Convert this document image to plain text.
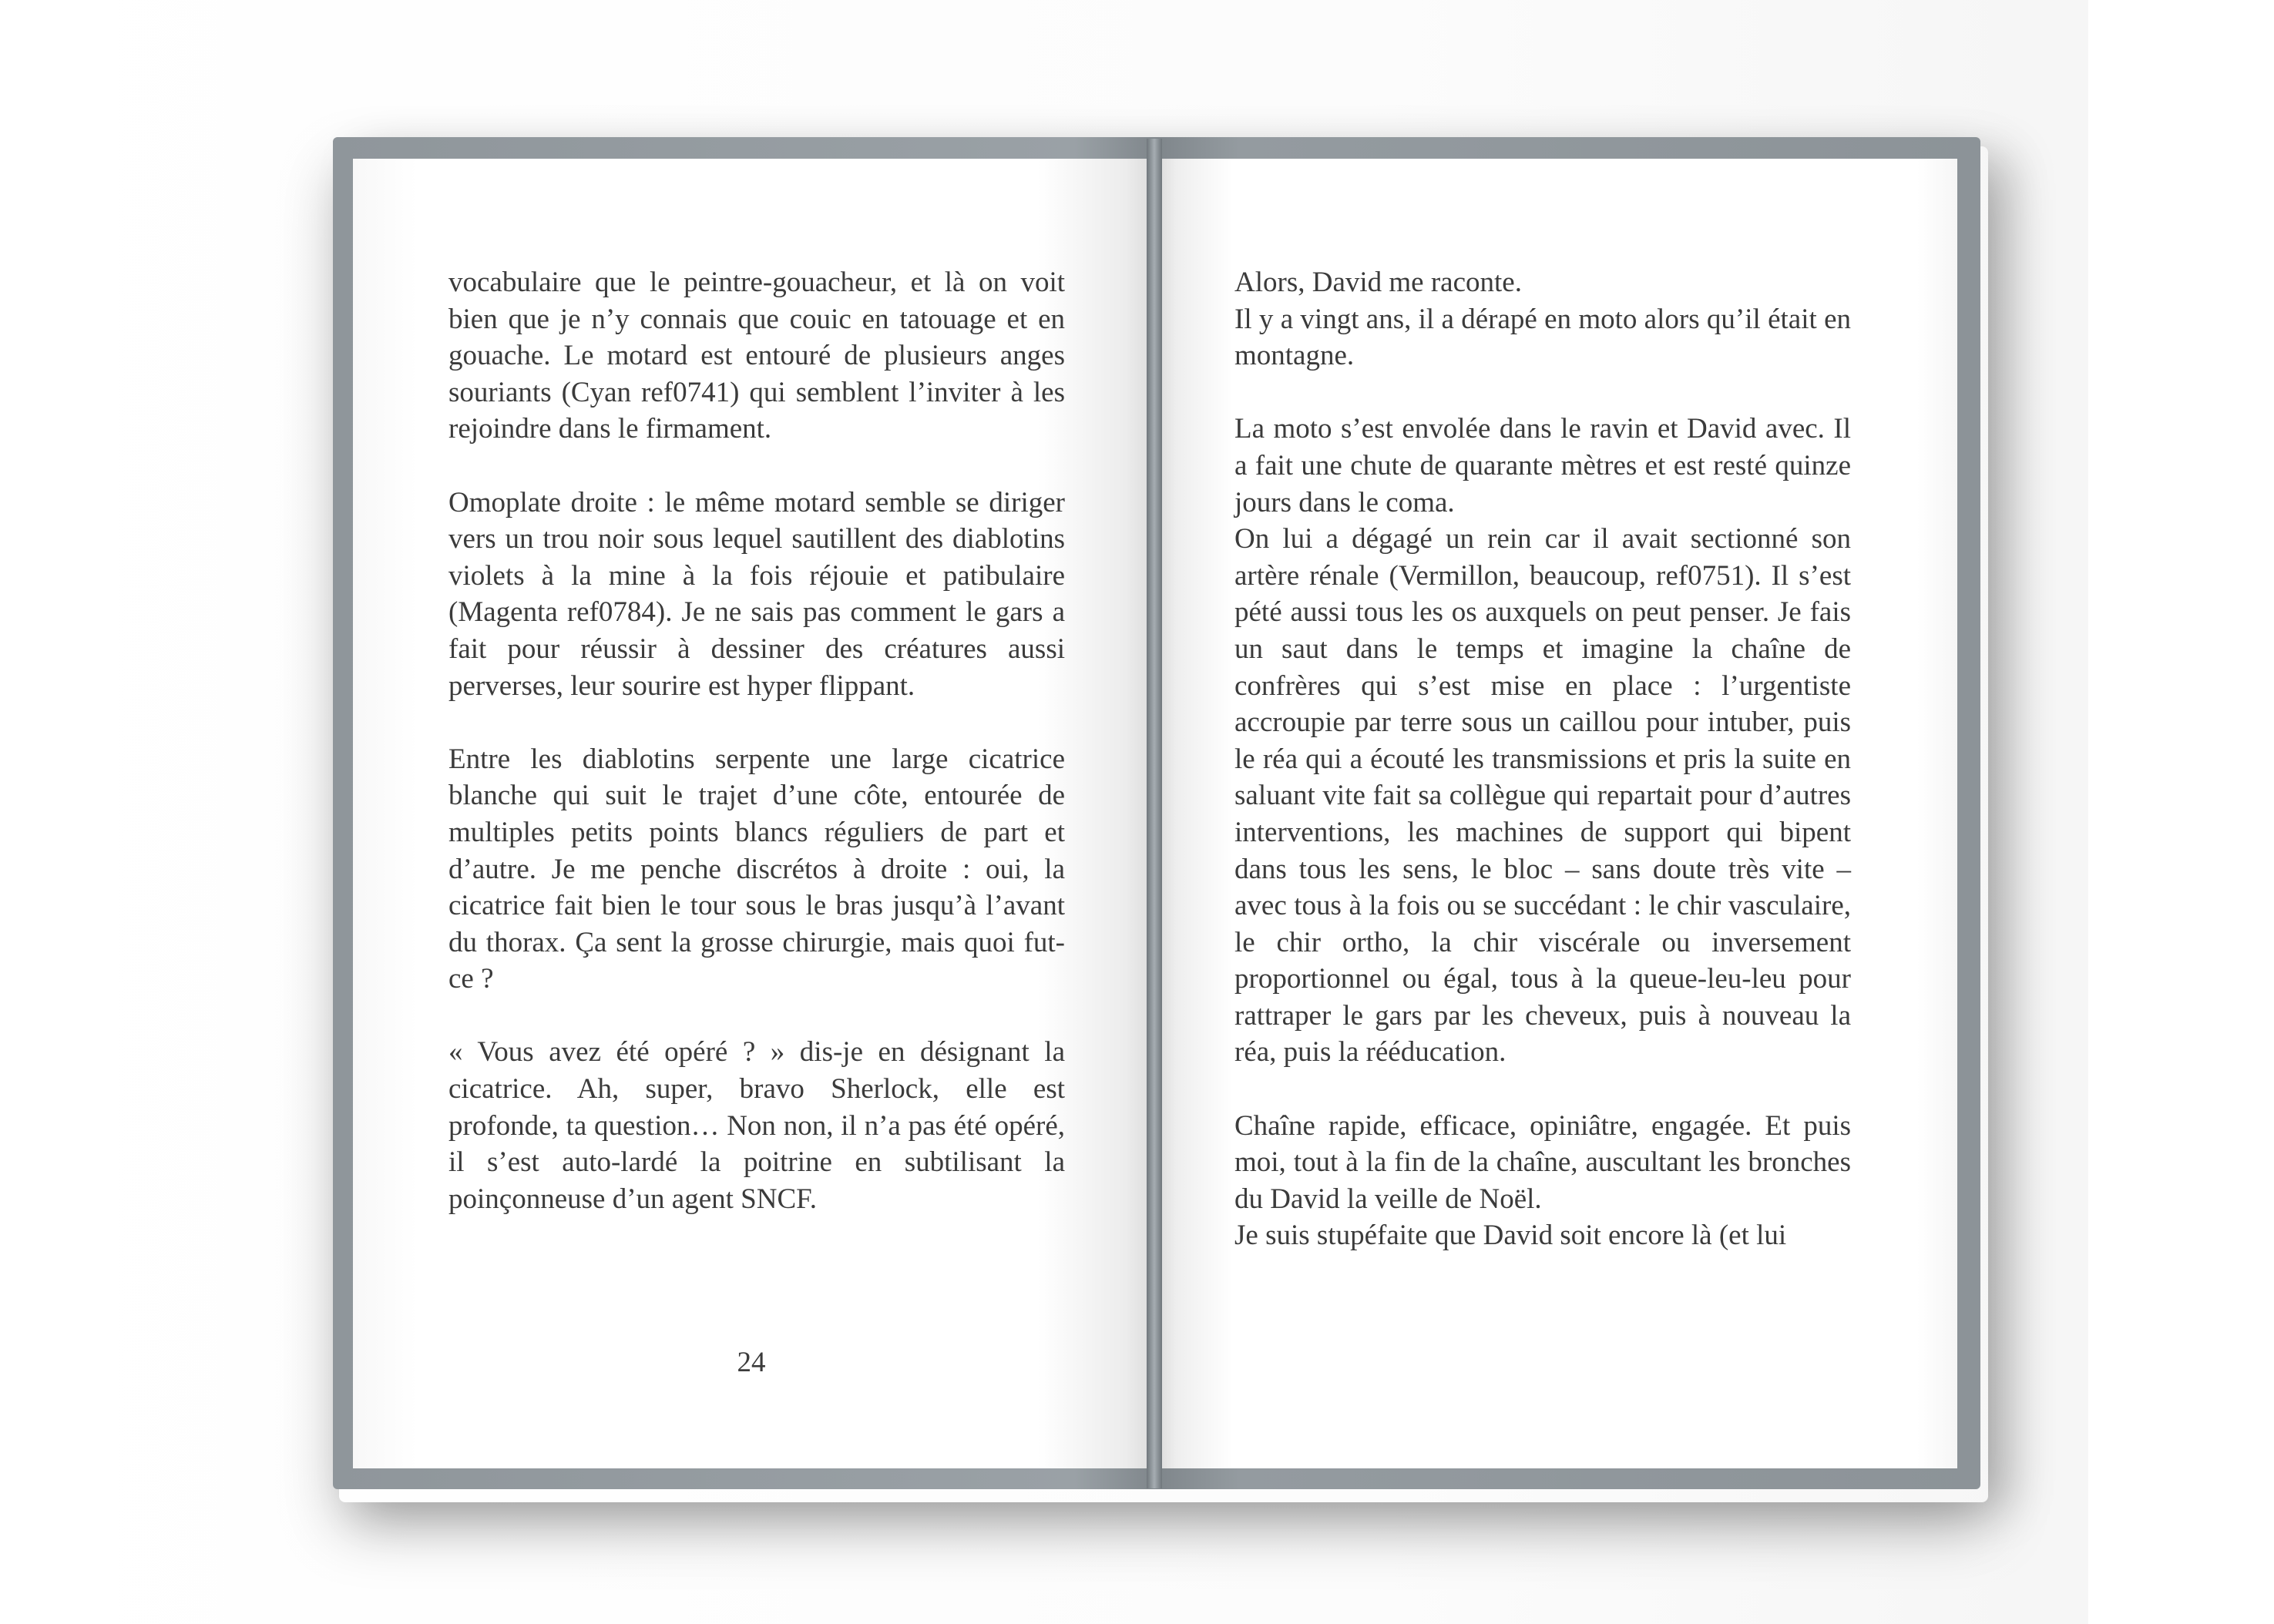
vocabulaire que le peintre-gouacheur, et là on voit bien que je n’y connais que couic en tatouage et en gouache. Le motard est entouré de plusieurs anges souriants (Cyan ref0741) qui semblent l’inviter à les rejoindre dans le firmament.

Omoplate droite : le même motard semble se diriger vers un trou noir sous lequel sautillent des diablotins violets à la mine à la fois réjouie et patibulaire (Magenta ref0784). Je ne sais pas comment le gars a fait pour réussir à dessiner des créatures aussi perverses, leur sourire est hyper flippant.

Entre les diablotins serpente une large cicatrice blanche qui suit le trajet d’une côte, entourée de multiples petits points blancs réguliers de part et d’autre. Je me penche discrétos à droite : oui, la cicatrice fait bien le tour sous le bras jusqu’à l’avant du thorax. Ça sent la grosse chirurgie, mais quoi fut-ce ?

« Vous avez été opéré ? » dis-je en désignant la cicatrice. Ah, super, bravo Sherlock, elle est profonde, ta question… Non non, il n’a pas été opéré, il s’est auto-lardé la poitrine en subtilisant la poinçonneuse d’un agent SNCF.

24

Alors, David me raconte.

Il y a vingt ans, il a dérapé en moto alors qu’il était en montagne.

La moto s’est envolée dans le ravin et David avec. Il a fait une chute de quarante mètres et est resté quinze jours dans le coma.

On lui a dégagé un rein car il avait sectionné son artère rénale (Vermillon, beaucoup, ref0751). Il s’est pété aussi tous les os auxquels on peut penser. Je fais un saut dans le temps et imagine la chaîne de confrères qui s’est mise en place : l’urgentiste accroupie par terre sous un caillou pour intuber, puis le réa qui a écouté les transmissions et pris la suite en saluant vite fait sa collègue qui repartait pour d’autres interventions, les machines de support qui bipent dans tous les sens, le bloc – sans doute très vite – avec tous à la fois ou se succédant : le chir vasculaire, le chir ortho, la chir viscérale ou inversement proportionnel ou égal, tous à la queue-leu-leu pour rattraper le gars par les cheveux, puis à nouveau la réa, puis la rééducation.

Chaîne rapide, efficace, opiniâtre, engagée. Et puis moi, tout à la fin de la chaîne, auscultant les bronches du David la veille de Noël.

Je suis stupéfaite que David soit encore là (et lui
